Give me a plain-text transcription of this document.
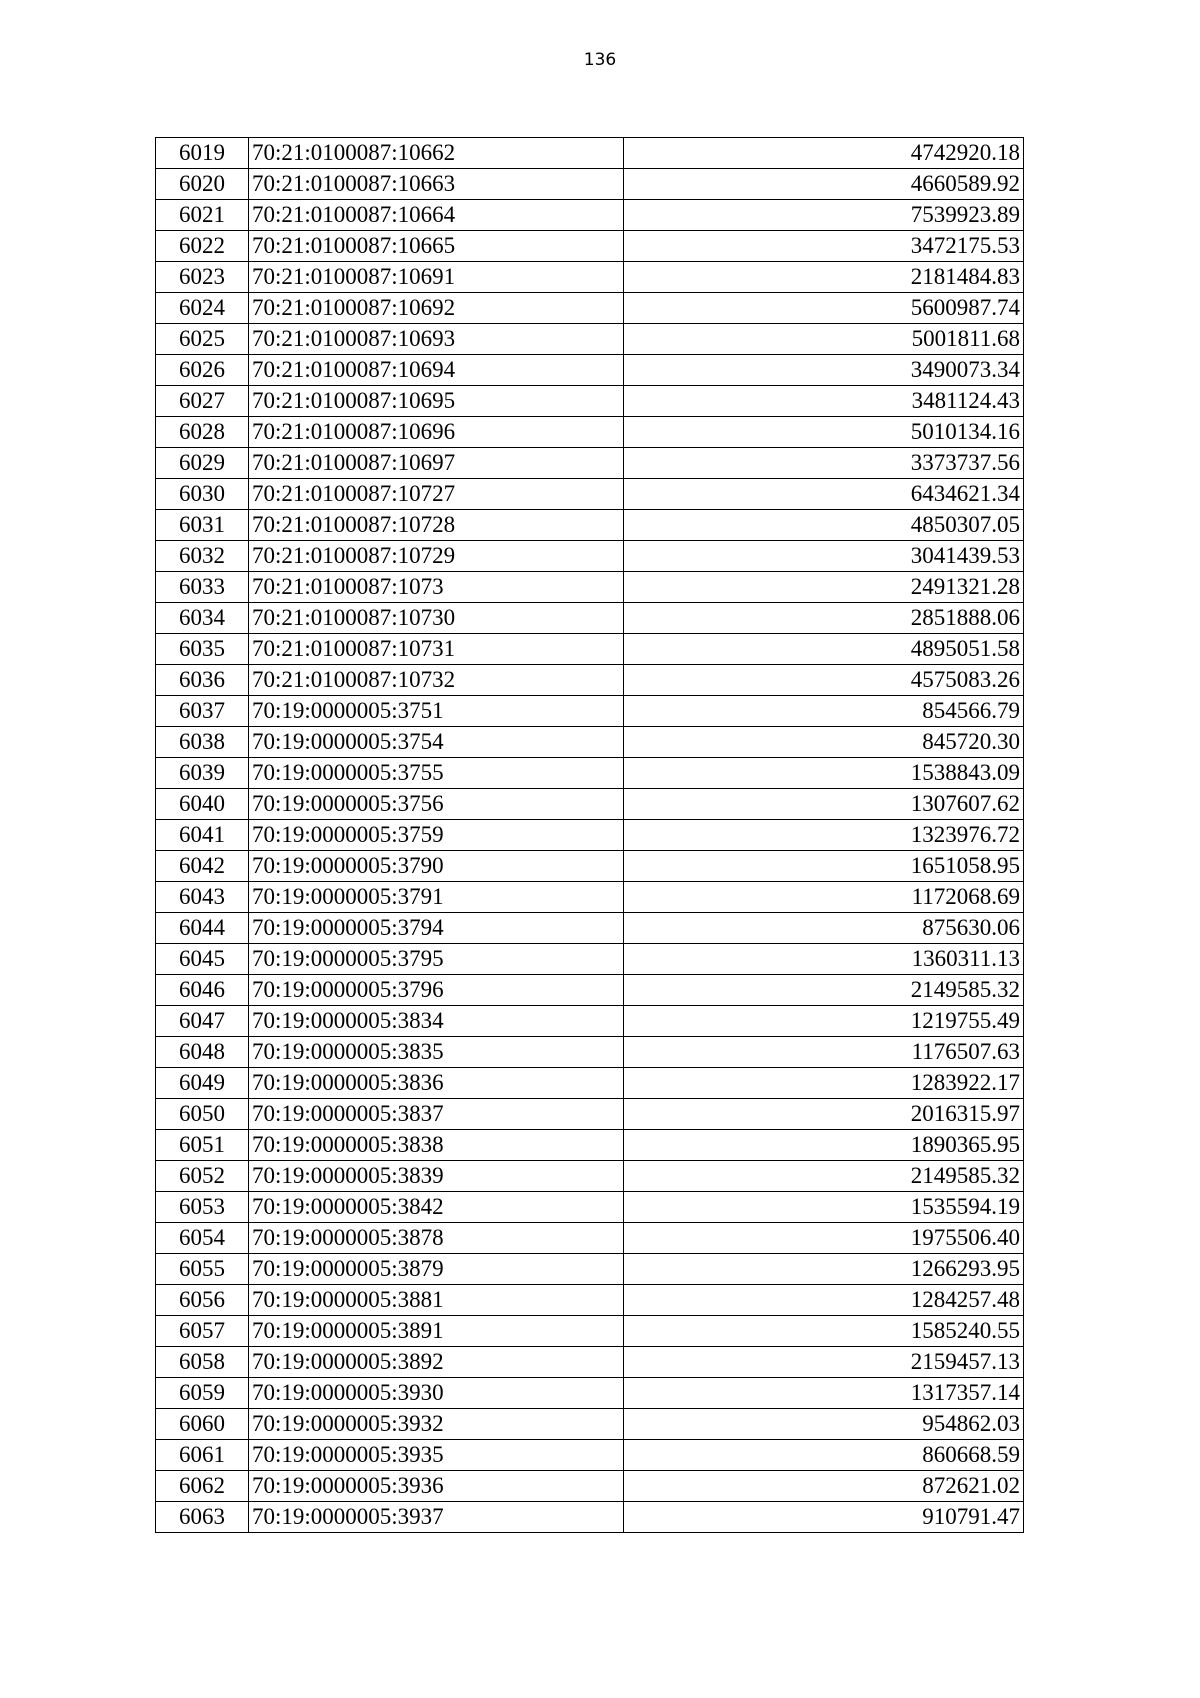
136
6019	70:21:0100087:10662	4742920.18
6020	70:21:0100087:10663	4660589.92
6021	70:21:0100087:10664	7539923.89
6022	70:21:0100087:10665	3472175.53
6023	70:21:0100087:10691	2181484.83
6024	70:21:0100087:10692	5600987.74
6025	70:21:0100087:10693	5001811.68
6026	70:21:0100087:10694	3490073.34
6027	70:21:0100087:10695	3481124.43
6028	70:21:0100087:10696	5010134.16
6029	70:21:0100087:10697	3373737.56
6030	70:21:0100087:10727	6434621.34
6031	70:21:0100087:10728	4850307.05
6032	70:21:0100087:10729	3041439.53
6033	70:21:0100087:1073	2491321.28
6034	70:21:0100087:10730	2851888.06
6035	70:21:0100087:10731	4895051.58
6036	70:21:0100087:10732	4575083.26
6037	70:19:0000005:3751	854566.79
6038	70:19:0000005:3754	845720.30
6039	70:19:0000005:3755	1538843.09
6040	70:19:0000005:3756	1307607.62
6041	70:19:0000005:3759	1323976.72
6042	70:19:0000005:3790	1651058.95
6043	70:19:0000005:3791	1172068.69
6044	70:19:0000005:3794	875630.06
6045	70:19:0000005:3795	1360311.13
6046	70:19:0000005:3796	2149585.32
6047	70:19:0000005:3834	1219755.49
6048	70:19:0000005:3835	1176507.63
6049	70:19:0000005:3836	1283922.17
6050	70:19:0000005:3837	2016315.97
6051	70:19:0000005:3838	1890365.95
6052	70:19:0000005:3839	2149585.32
6053	70:19:0000005:3842	1535594.19
6054	70:19:0000005:3878	1975506.40
6055	70:19:0000005:3879	1266293.95
6056	70:19:0000005:3881	1284257.48
6057	70:19:0000005:3891	1585240.55
6058	70:19:0000005:3892	2159457.13
6059	70:19:0000005:3930	1317357.14
6060	70:19:0000005:3932	954862.03
6061	70:19:0000005:3935	860668.59
6062	70:19:0000005:3936	872621.02
6063	70:19:0000005:3937	910791.47
